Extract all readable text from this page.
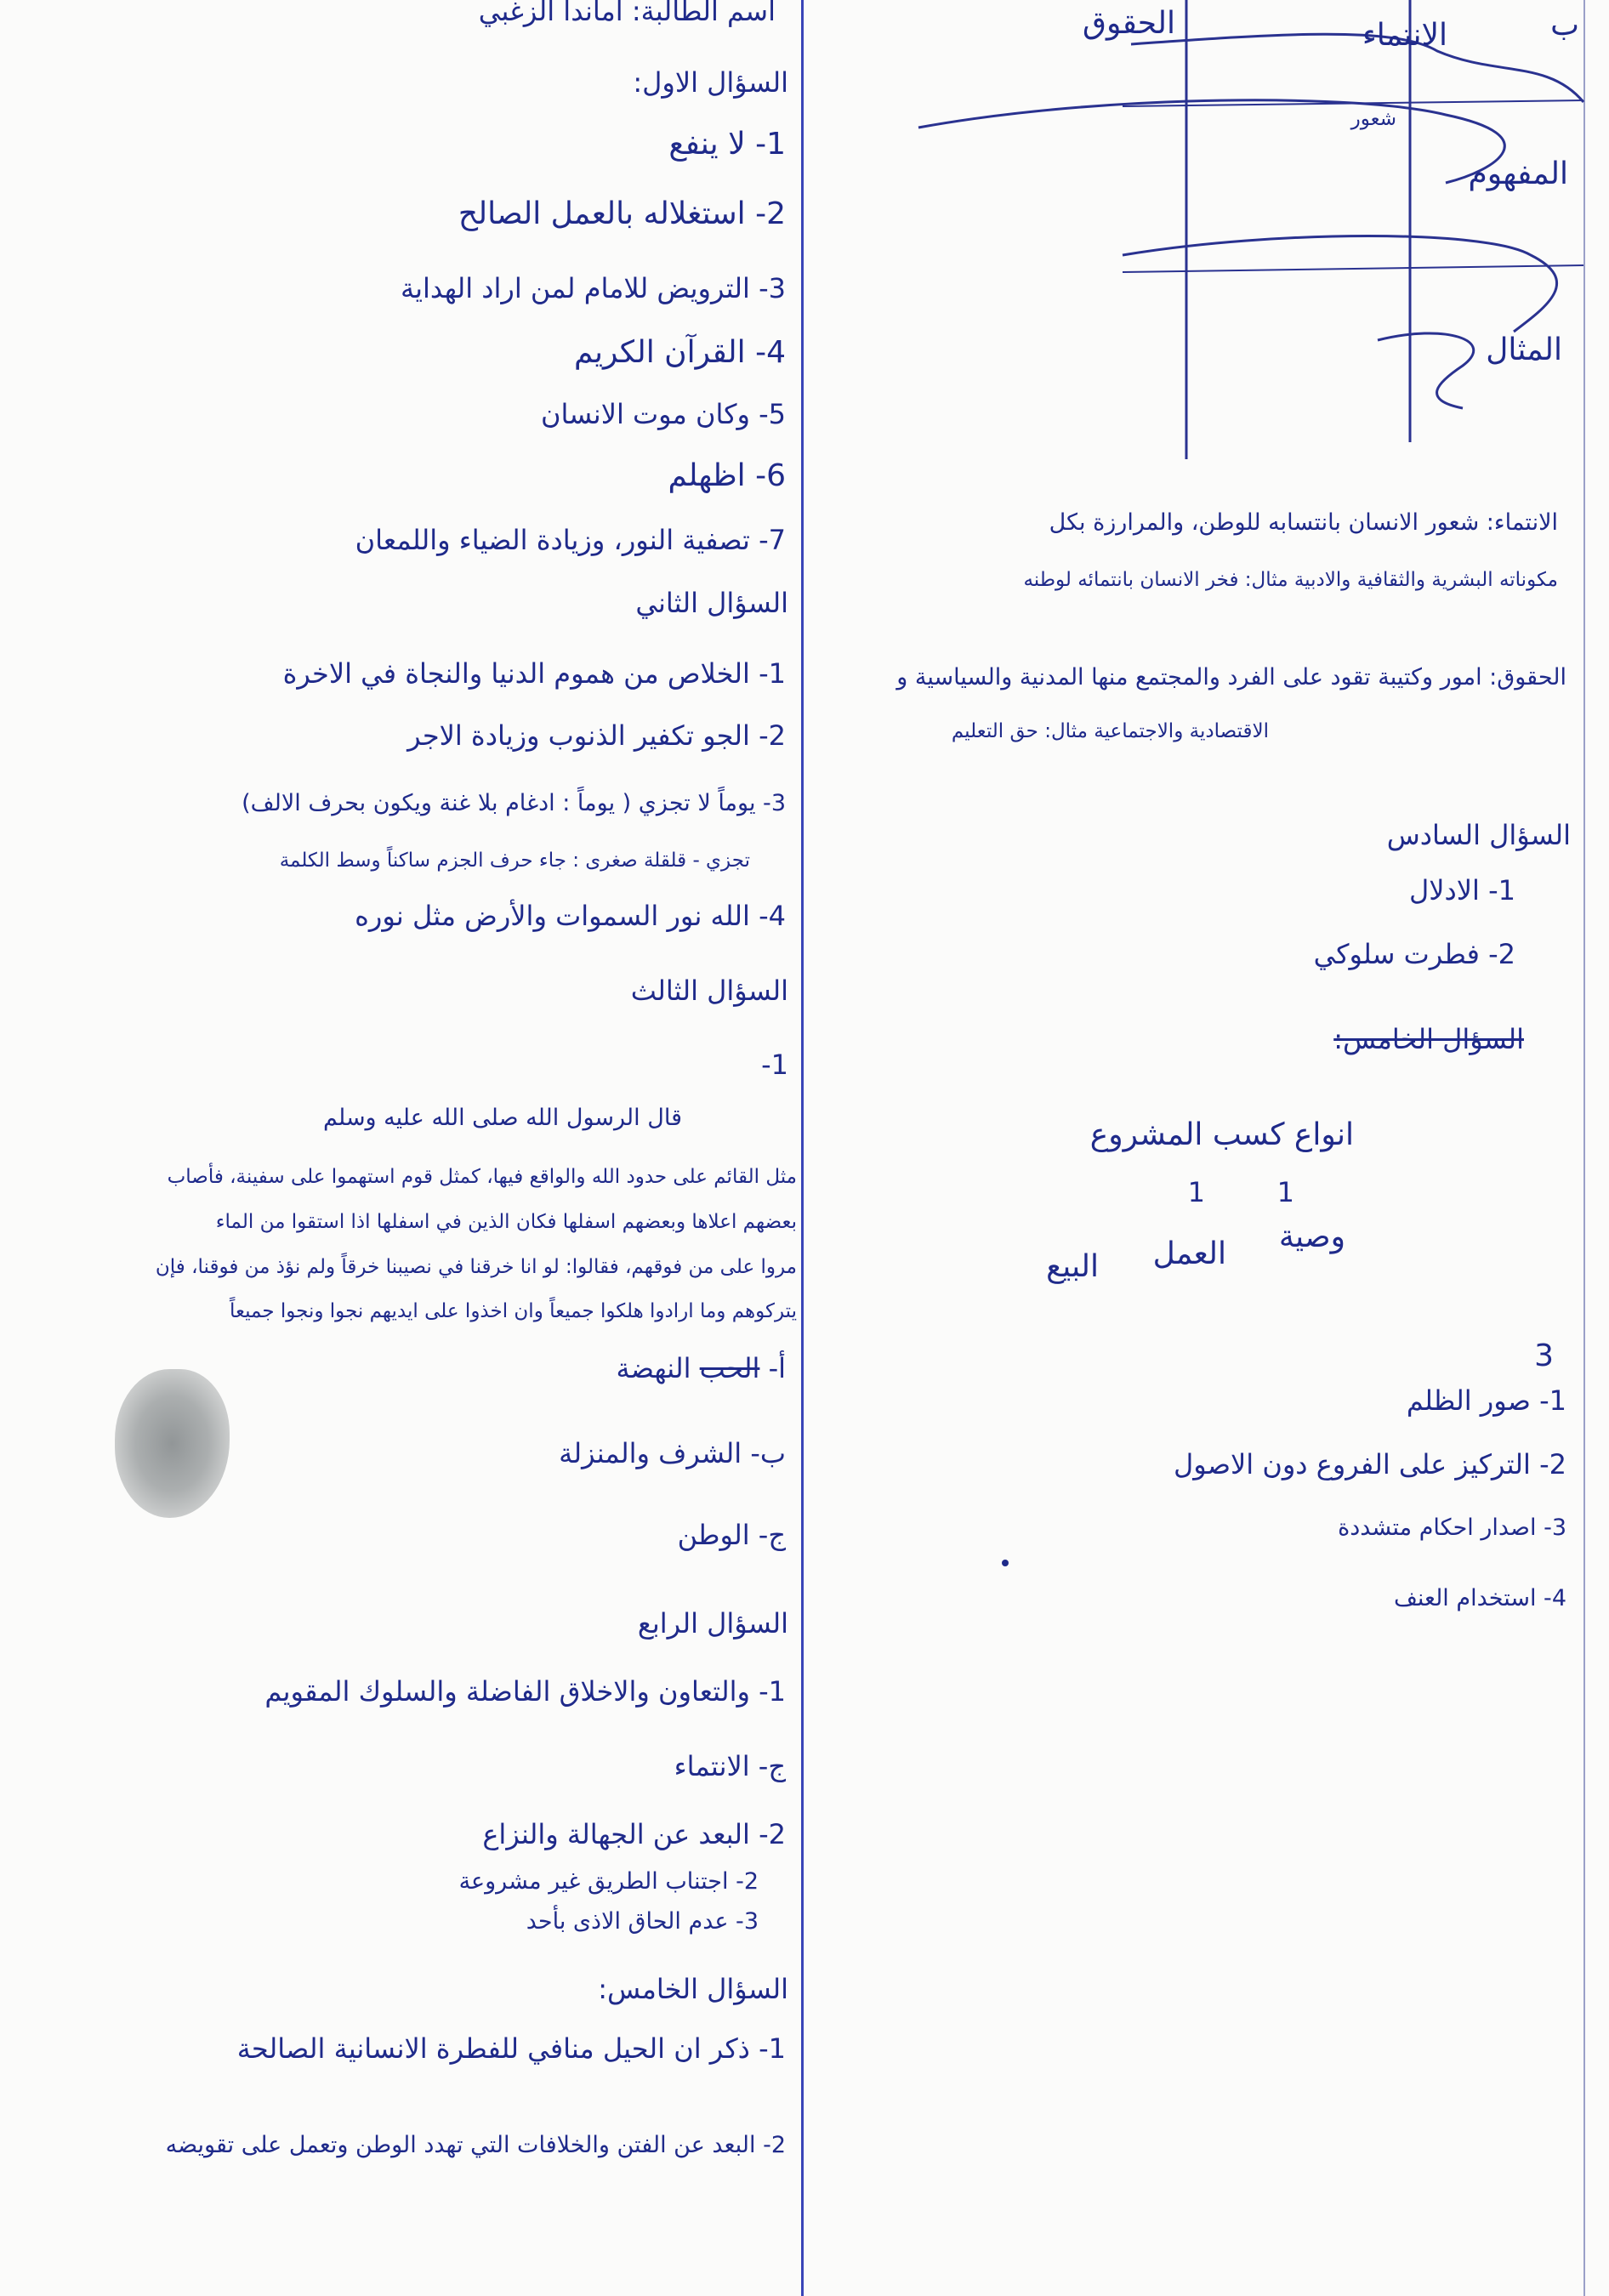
اسم الطالبة: اماندا الزغبي
السؤال الاول:
1- لا ينفع
2- استغلاله بالعمل الصالح
3- الترويض للامام لمن اراد الهداية
4- القرآن الكريم
5- وكان موت الانسان
6- اظهلم
7- تصفية النور، وزيادة الضياء واللمعان
السؤال الثاني
1- الخلاص من هموم الدنيا والنجاة في الاخرة
2- الجو تكفير الذنوب وزيادة الاجر
3- يوماً لا تجزي ( يوماً : ادغام بلا غنة ويكون بحرف الالف)
تجزي - قلقلة صغرى : جاء حرف الجزم ساكناً وسط الكلمة
4- الله نور السموات والأرض مثل نوره
السؤال الثالث
1-
قال الرسول الله صلى الله عليه وسلم
مثل القائم على حدود الله والواقع فيها، كمثل قوم استهموا على سفينة، فأصاب
بعضهم اعلاها وبعضهم اسفلها فكان الذين في اسفلها اذا استقوا من الماء
مروا على من فوقهم، فقالوا: لو انا خرقنا في نصيبنا خرقاً ولم نؤذ من فوقنا، فإن
يتركوهم وما ارادوا هلكوا جميعاً وان اخذوا على ايديهم نجوا ونجوا جميعاً
أ- الحب النهضة
ب- الشرف والمنزلة
ج- الوطن
السؤال الرابع
1- والتعاون والاخلاق الفاضلة والسلوك المقويم
ج- الانتماء
2- البعد عن الجهالة والنزاع
2- اجتناب الطريق غير مشروعة
3- عدم الحاق الاذى بأحد
السؤال الخامس:
1- ذكر ان الحيل منافي للفطرة الانسانية الصالحة
2- البعد عن الفتن والخلافات التي تهدد الوطن وتعمل على تقويضه
ب
الحقوق	الانتماء
شعور
المفهوم
المثال
الانتماء: شعور الانسان بانتسابه للوطن، والمرارزة بكل
مكوناته البشرية والثقافية والادبية مثال: فخر الانسان بانتمائه لوطنه
الحقوق: امور وكتيبة تقود على الفرد والمجتمع منها المدنية والسياسية و
الاقتصادية والاجتماعية مثال: حق التعليم
السؤال السادس
1- الادلال
2- فطرت سلوكي
السؤال الخامس:
انواع كسب المشروع
1	1
وصية
العمل
البيع
3
1- صور الظلم
2- التركيز على الفروع دون الاصول
3- اصدار احكام متشددة
4- استخدام العنف
